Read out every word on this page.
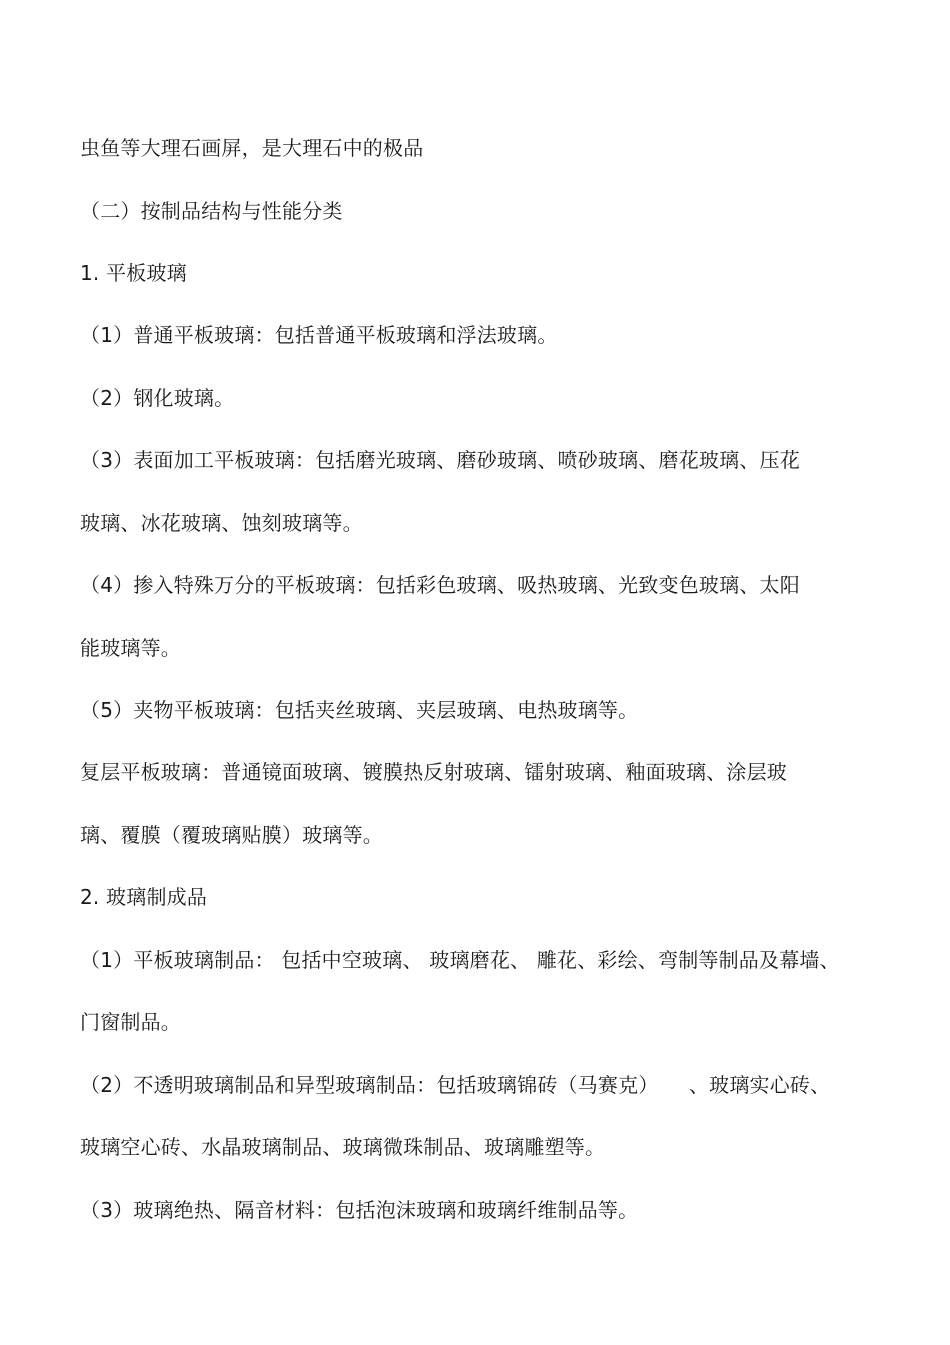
虫鱼等大理石画屏，是大理石中的极品
（二）按制品结构与性能分类
1. 平板玻璃
（1）普通平板玻璃：包括普通平板玻璃和浮法玻璃。
（2）钢化玻璃。
（3）表面加工平板玻璃：包括磨光玻璃、磨砂玻璃、喷砂玻璃、磨花玻璃、压花
玻璃、冰花玻璃、蚀刻玻璃等。
（4）掺入特殊万分的平板玻璃：包括彩色玻璃、吸热玻璃、光致变色玻璃、太阳
能玻璃等。
（5）夹物平板玻璃：包括夹丝玻璃、夹层玻璃、电热玻璃等。
复层平板玻璃：普通镜面玻璃、镀膜热反射玻璃、镭射玻璃、釉面玻璃、涂层玻
璃、覆膜（覆玻璃贴膜）玻璃等。
2. 玻璃制成品
（1）平板玻璃制品： 包括中空玻璃、 玻璃磨花、 雕花、彩绘、弯制等制品及幕墙、
门窗制品。
（2）不透明玻璃制品和异型玻璃制品：包括玻璃锦砖（马赛克）　　、玻璃实心砖、
玻璃空心砖、水晶玻璃制品、玻璃微珠制品、玻璃雕塑等。
（3）玻璃绝热、隔音材料：包括泡沫玻璃和玻璃纤维制品等。
